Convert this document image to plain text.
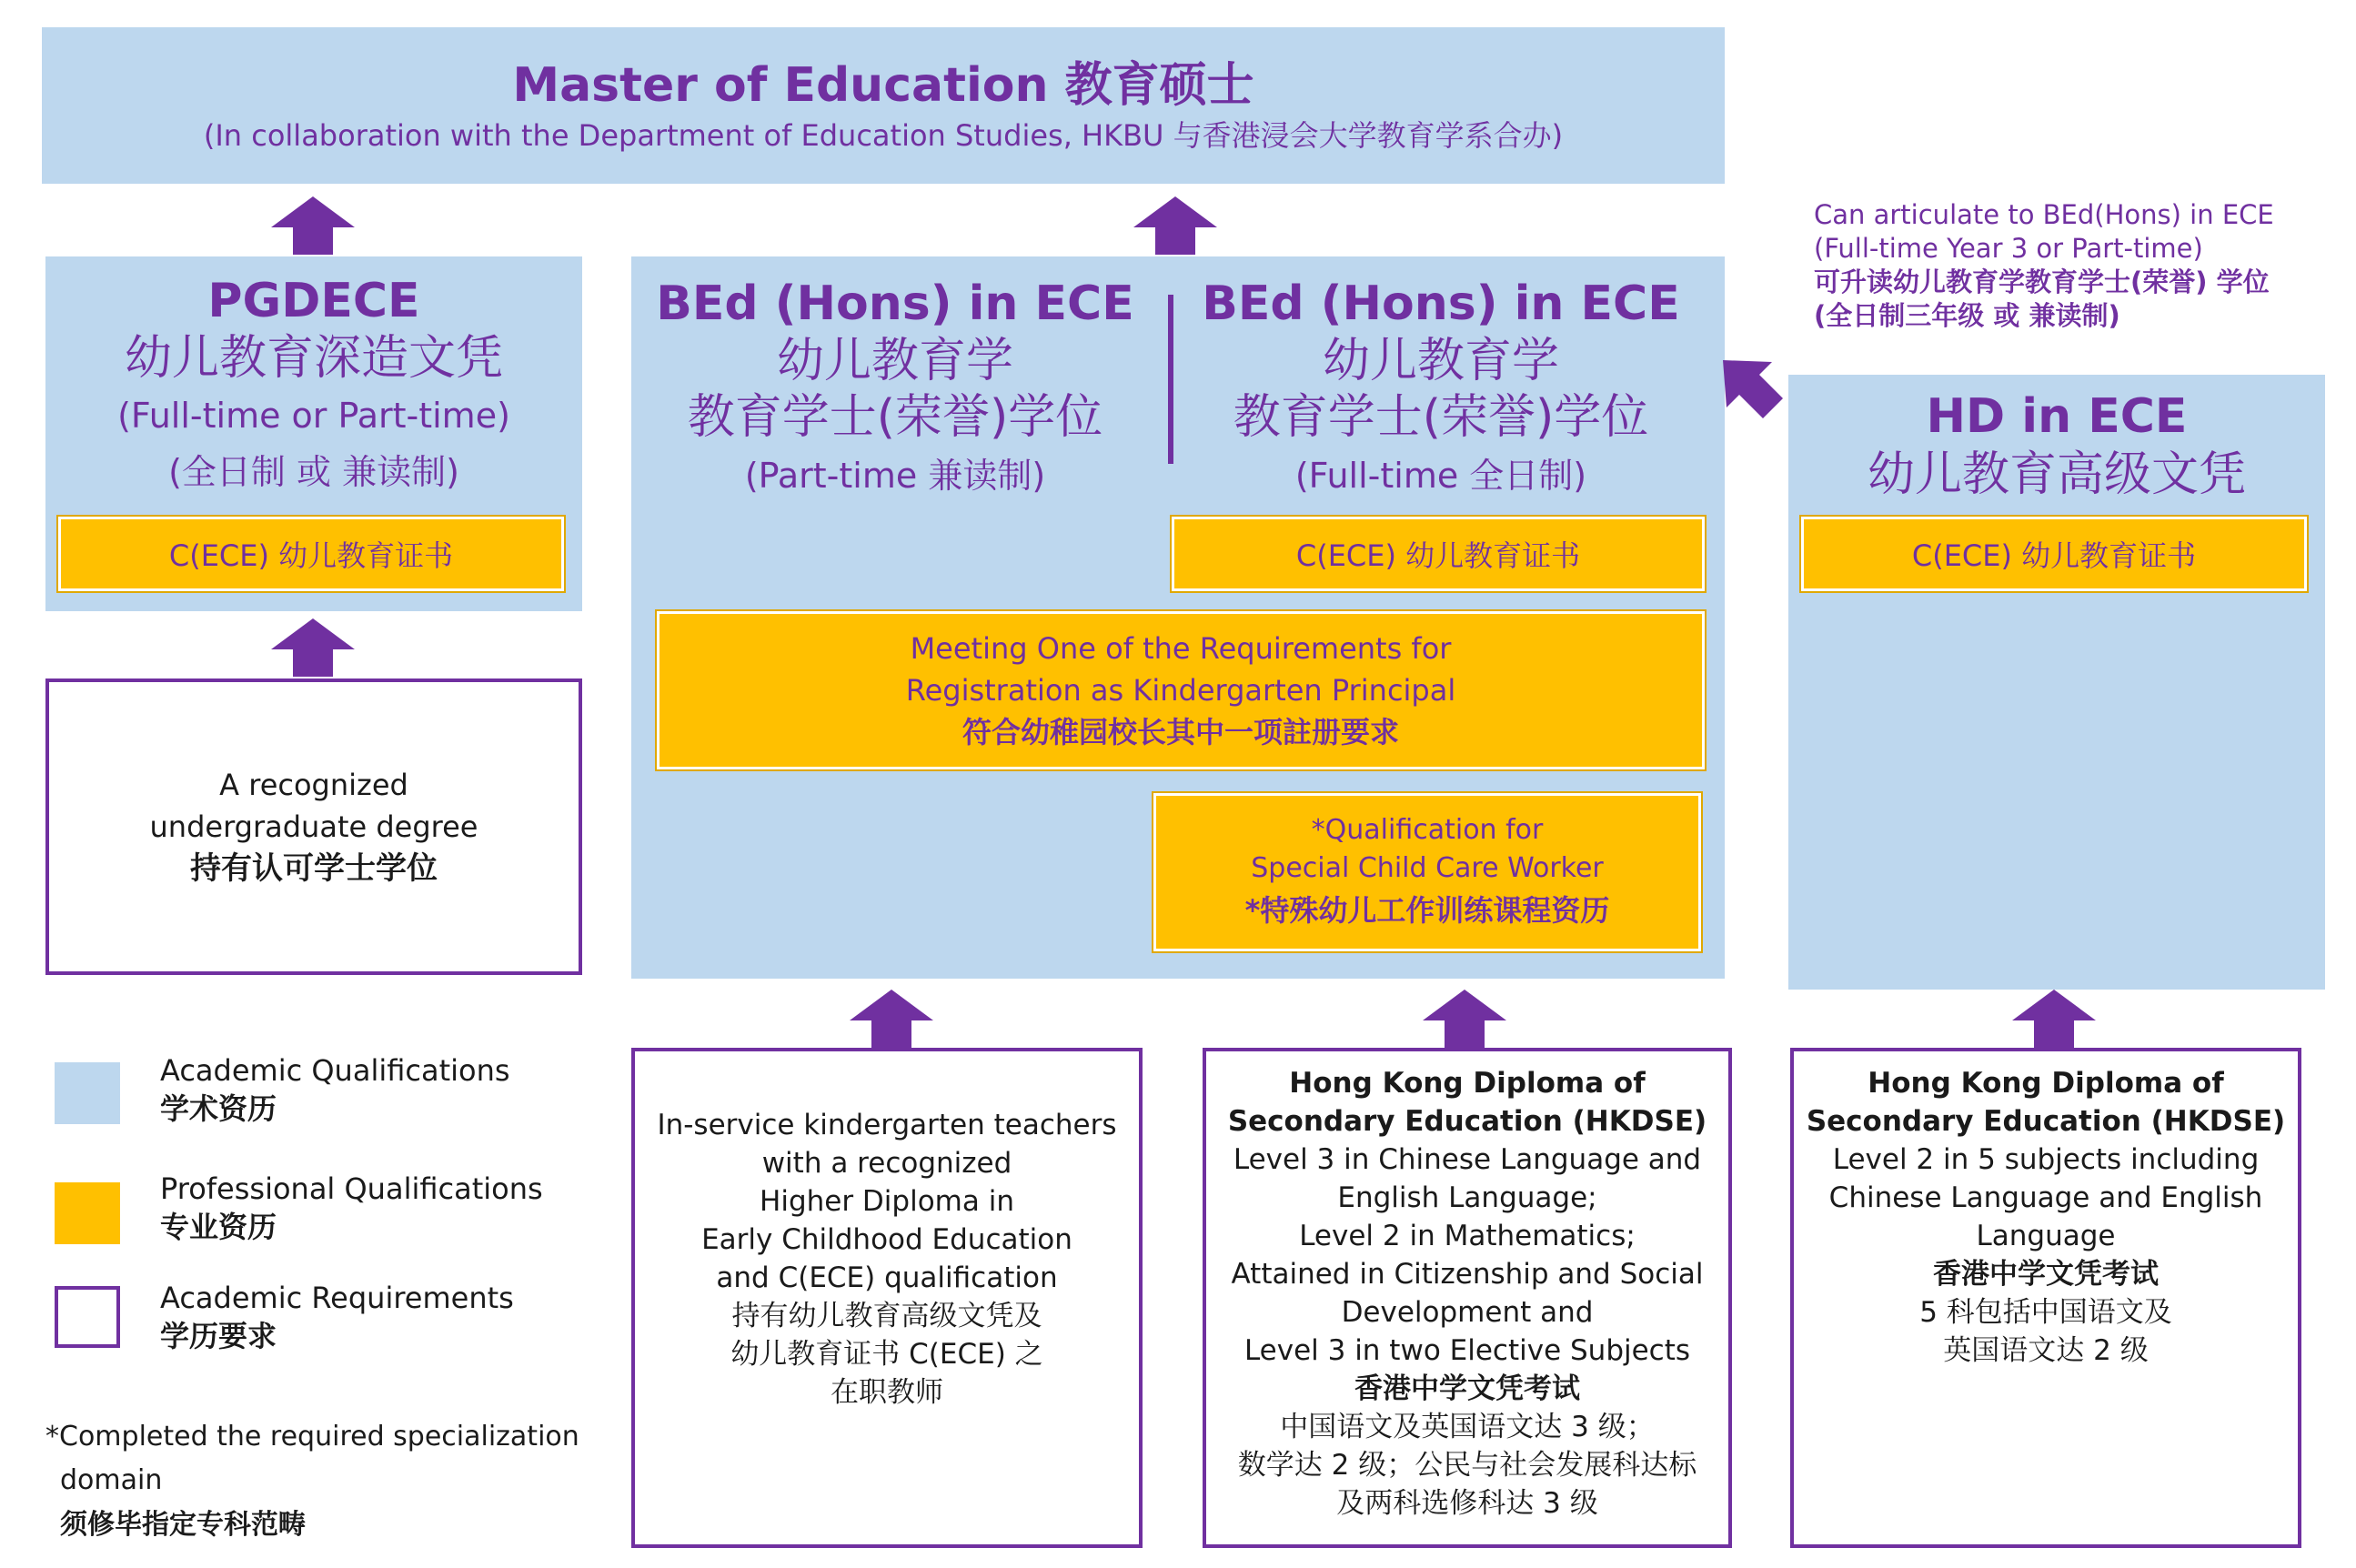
Master of Education 教育硕士
(In collaboration with the Department of Education Studies, HKBU 与香港浸会大学教育学系合办)
PGDECE
幼儿教育深造文凭
(Full-time or Part-time)
(全日制 或 兼读制)
C(ECE) 幼儿教育证书
BEd (Hons) in ECE
幼儿教育学
教育学士(荣誉)学位
(Part-time 兼读制)
BEd (Hons) in ECE
幼儿教育学
教育学士(荣誉)学位
(Full-time 全日制)
C(ECE) 幼儿教育证书
Meeting One of the Requirements for
Registration as Kindergarten Principal
符合幼稚园校长其中一项註册要求
*Qualification for
Special Child Care Worker
*特殊幼儿工作训练课程资历
Can articulate to BEd(Hons) in ECE
(Full-time Year 3 or Part-time)
可升读幼儿教育学教育学士(荣誉) 学位
(全日制三年级 或 兼读制)
HD in ECE
幼儿教育高级文凭
C(ECE) 幼儿教育证书
A recognized
undergraduate degree
持有认可学士学位
In-service kindergarten teachers
with a recognized
Higher Diploma in
Early Childhood Education
and C(ECE) qualification
持有幼儿教育高级文凭及
幼儿教育证书 C(ECE) 之
在职教师
Hong Kong Diploma of
Secondary Education (HKDSE)
Level 3 in Chinese Language and
English Language;
Level 2 in Mathematics;
Attained in Citizenship and Social
Development and
Level 3 in two Elective Subjects
香港中学文凭考试
中国语文及英国语文达 3 级；
数学达 2 级；公民与社会发展科达标
及两科选修科达 3 级
Hong Kong Diploma of
Secondary Education (HKDSE)
Level 2 in 5 subjects including
Chinese Language and English
Language
香港中学文凭考试
5 科包括中国语文及
英国语文达 2 级
Academic Qualifications
学术资历
Professional Qualifications
专业资历
Academic Requirements
学历要求
*Completed the required specialization
domain
须修毕指定专科范畴
